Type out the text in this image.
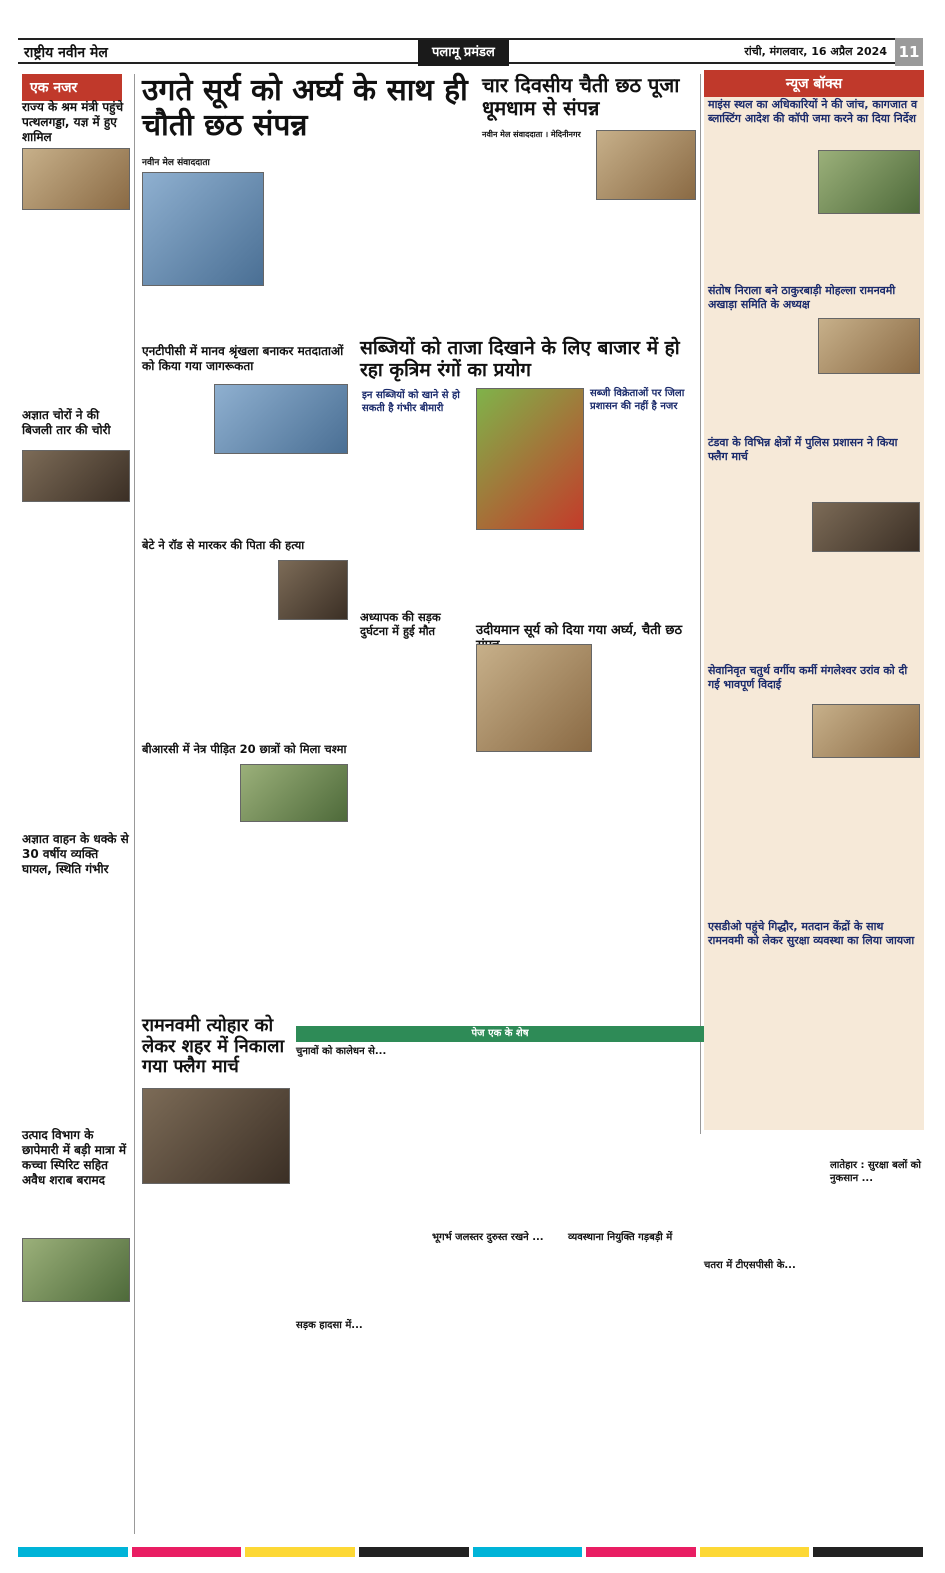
राष्ट्रीय नवीन मेल	पलामू प्रमंडल	रांची, मंगलवार, 16 अप्रैल 2024 11
एक नजर
राज्य के श्रम मंत्री पहुंचे पत्थलगड्डा, यज्ञ में हुए शामिल
अज्ञात चोरों ने की बिजली तार की चोरी
अज्ञात वाहन के धक्के से 30 वर्षीय व्यक्ति घायल, स्थिति गंभीर
उत्पाद विभाग के छापेमारी में बड़ी मात्रा में कच्चा स्पिरिट सहित अवैध शराब बरामद
उगते सूर्य को अर्घ्य के साथ ही चौती छठ संपन्न
नवीन मेल संवाददाता
चार दिवसीय चैती छठ पूजा धूमधाम से संपन्न
नवीन मेल संवाददाता । मेदिनीनगर
न्यूज बॉक्स
माइंस स्थल का अधिकारियों ने की जांच, कागजात व ब्लास्टिंग आदेश की कॉपी जमा करने का दिया निर्देश
संतोष निराला बने ठाकुरबाड़ी मोहल्ला रामनवमी अखाड़ा समिति के अध्यक्ष
टंडवा के विभिन्न क्षेत्रों में पुलिस प्रशासन ने किया फ्लैग मार्च
सेवानिवृत चतुर्थ वर्गीय कर्मी मंगलेश्वर उरांव को दी गई भावपूर्ण विदाई
एसडीओ पहुंचे गिद्धौर, मतदान केंद्रों के साथ रामनवमी को लेकर सुरक्षा व्यवस्था का लिया जायजा
एनटीपीसी में मानव श्रृंखला बनाकर मतदाताओं को किया गया जागरूकता
बेटे ने रॉड से मारकर की पिता की हत्या
बीआरसी में नेत्र पीड़ित 20 छात्रों को मिला चश्मा
सब्जियों को ताजा दिखाने के लिए बाजार में हो रहा कृत्रिम रंगों का प्रयोग
इन सब्जियों को खाने से हो सकती है गंभीर बीमारी
सब्जी विक्रेताओं पर जिला प्रशासन की नहीं है नजर
अध्यापक की सड़क दुर्घटना में हुई मौत	उदीयमान सूर्य को दिया गया अर्घ्य, चैती छठ
रामनवमी त्योहार को लेकर शहर में निकाला गया फ्लैग मार्च
पेज एक के शेष
चुनावों को कालेधन से...
सड़क हादसा में...
भूगर्भ जलस्तर दुरुस्त रखने ...	व्यवस्थाना नियुक्ति गड़बड़ी में
चतरा में टीएसपीसी के...
लातेहार : सुरक्षा बलों को नुकसान ...
